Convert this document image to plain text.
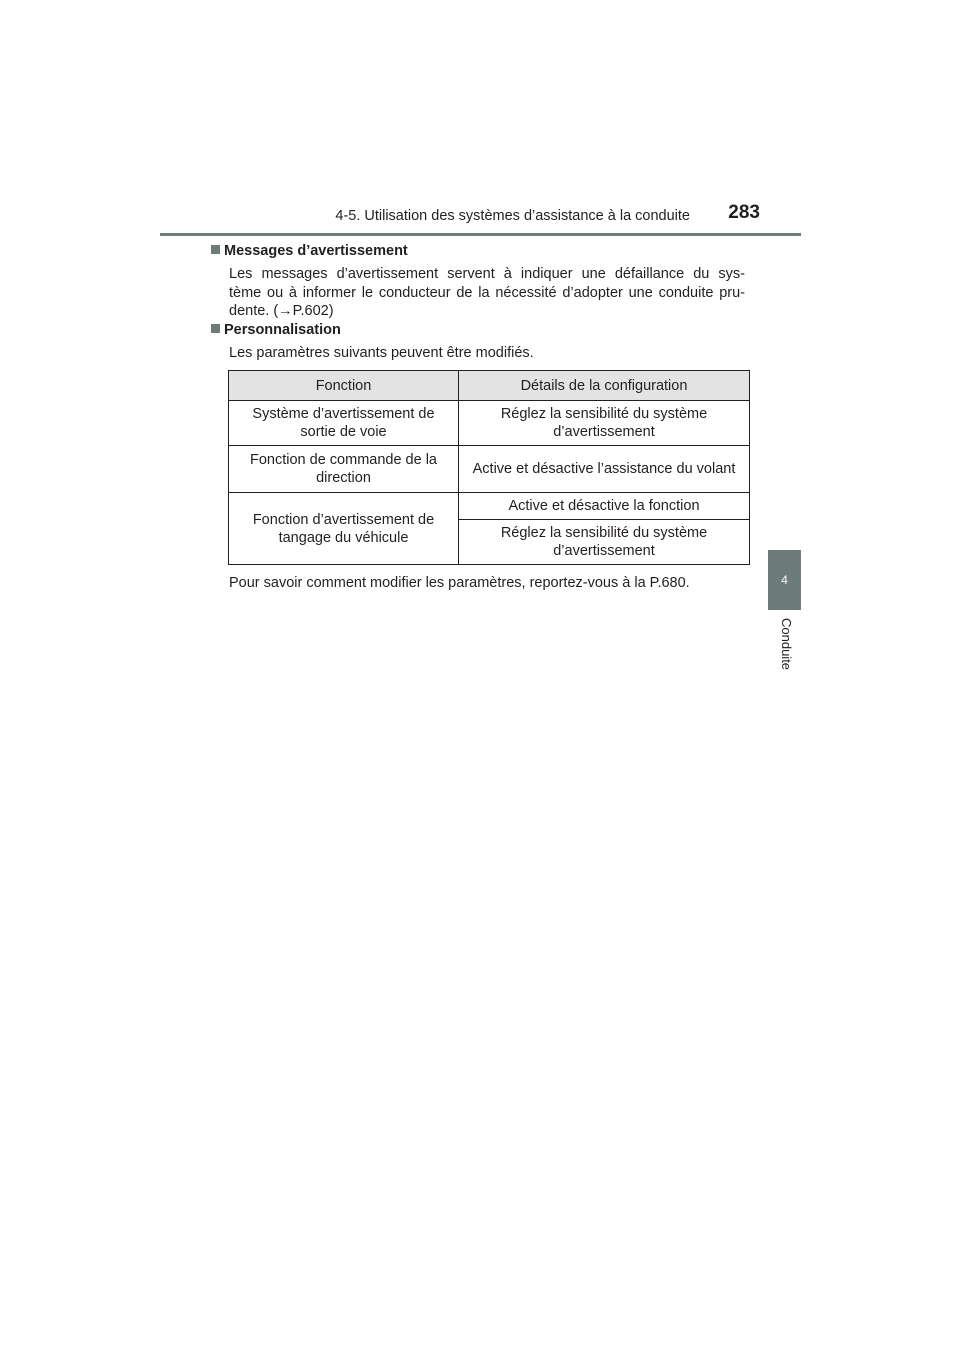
4-5. Utilisation des systèmes d’assistance à la conduite	283
4
Conduite
Messages d’avertissement
Les messages d’avertissement servent à indiquer une défaillance du sys-
tème ou à informer le conducteur de la nécessité d’adopter une conduite pru-
dente. (→P.602)
Personnalisation
Les paramètres suivants peuvent être modifiés.
Fonction	Détails de la configuration
Système d’avertissement de sortie de voie	Réglez la sensibilité du système d’avertissement
Fonction de commande de la direction	Active et désactive l’assistance du volant
Fonction d’avertissement de tangage du véhicule	Active et désactive la fonction
	Réglez la sensibilité du système d’avertissement
Pour savoir comment modifier les paramètres, reportez-vous à la P.680.
